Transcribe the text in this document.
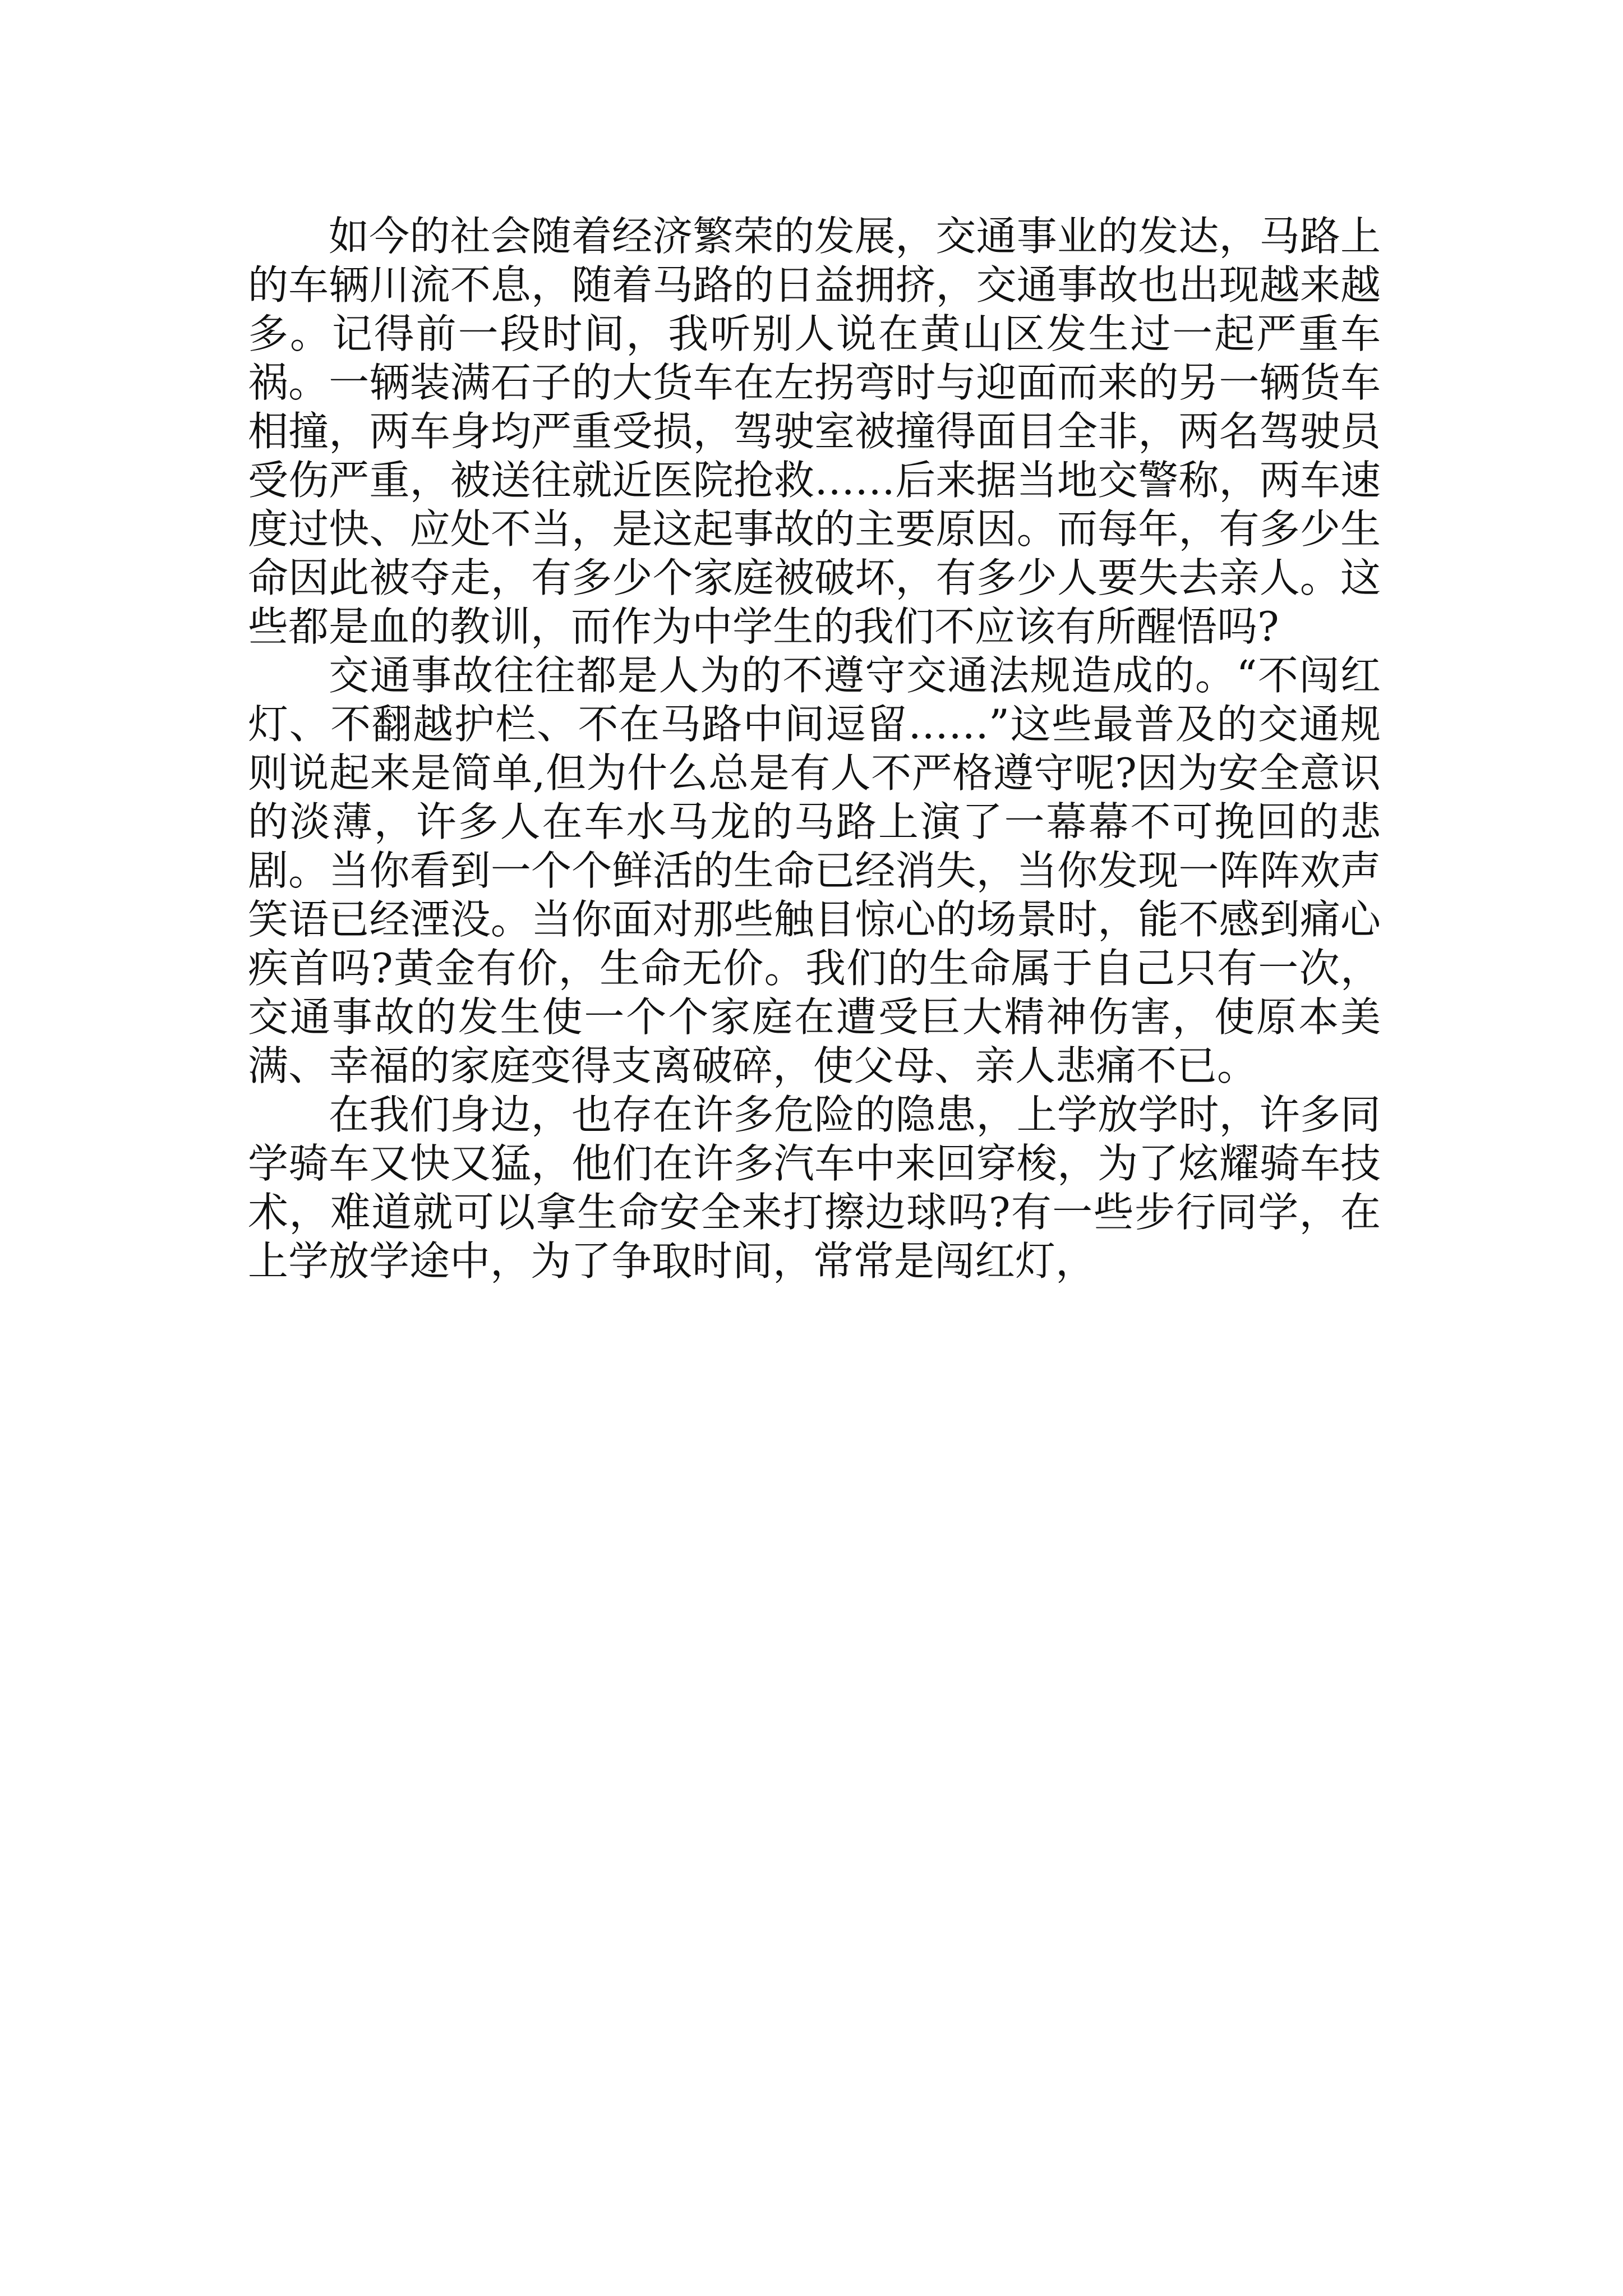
如今的社会随着经济繁荣的发展，交通事业的发达，马路上的车辆川流不息，随着马路的日益拥挤，交通事故也出现越来越多。记得前一段时间，我听别人说在黄山区发生过一起严重车祸。一辆装满石子的大货车在左拐弯时与迎面而来的另一辆货车相撞，两车身均严重受损，驾驶室被撞得面目全非，两名驾驶员受伤严重，被送往就近医院抢救……后来据当地交警称，两车速度过快、应处不当，是这起事故的主要原因。而每年，有多少生命因此被夺走，有多少个家庭被破坏，有多少人要失去亲人。这些都是血的教训，而作为中学生的我们不应该有所醒悟吗?

交通事故往往都是人为的不遵守交通法规造成的。“不闯红灯、不翻越护栏、不在马路中间逗留……”这些最普及的交通规则说起来是简单,但为什么总是有人不严格遵守呢?因为安全意识的淡薄，许多人在车水马龙的马路上演了一幕幕不可挽回的悲剧。当你看到一个个鲜活的生命已经消失，当你发现一阵阵欢声笑语已经湮没。当你面对那些触目惊心的场景时，能不感到痛心疾首吗?黄金有价，生命无价。我们的生命属于自己只有一次，交通事故的发生使一个个家庭在遭受巨大精神伤害，使原本美满、幸福的家庭变得支离破碎，使父母、亲人悲痛不已。

在我们身边，也存在许多危险的隐患，上学放学时，许多同学骑车又快又猛，他们在许多汽车中来回穿梭，为了炫耀骑车技术，难道就可以拿生命安全来打擦边球吗?有一些步行同学，在上学放学途中，为了争取时间，常常是闯红灯，
